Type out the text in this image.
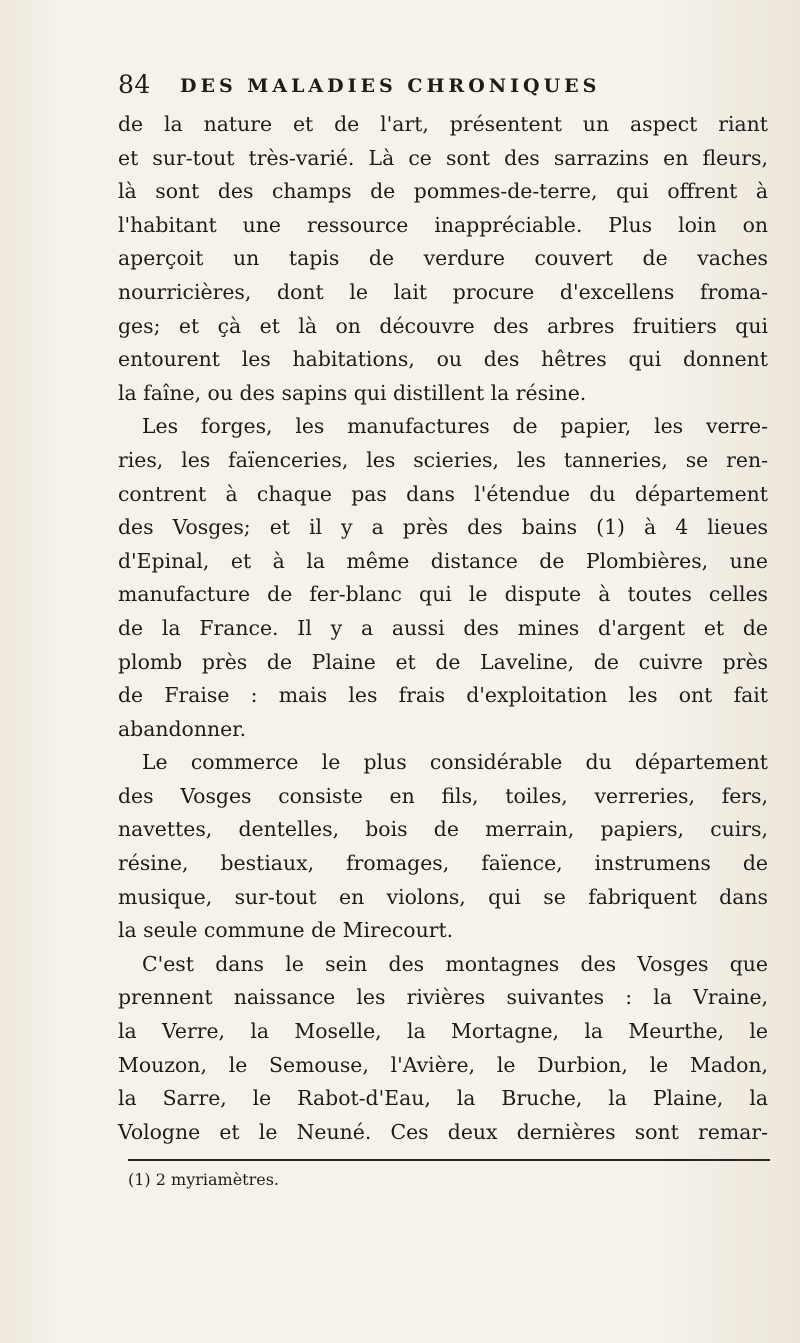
84 DES MALADIES CHRONIQUES
de la nature et de l'art, présentent un aspect riant
et sur-tout très-varié. Là ce sont des sarrazins en fleurs,
là sont des champs de pommes-de-terre, qui offrent à
l'habitant une ressource inappréciable. Plus loin on
aperçoit un tapis de verdure couvert de vaches
nourricières, dont le lait procure d'excellens froma-
ges; et çà et là on découvre des arbres fruitiers qui
entourent les habitations, ou des hêtres qui donnent
la faîne, ou des sapins qui distillent la résine.
Les forges, les manufactures de papier, les verre-
ries, les faïenceries, les scieries, les tanneries, se ren-
contrent à chaque pas dans l'étendue du département
des Vosges; et il y a près des bains (1) à 4 lieues
d'Epinal, et à la même distance de Plombières, une
manufacture de fer-blanc qui le dispute à toutes celles
de la France. Il y a aussi des mines d'argent et de
plomb près de Plaine et de Laveline, de cuivre près
de Fraise : mais les frais d'exploitation les ont fait
abandonner.
Le commerce le plus considérable du département
des Vosges consiste en fils, toiles, verreries, fers,
navettes, dentelles, bois de merrain, papiers, cuirs,
résine, bestiaux, fromages, faïence, instrumens de
musique, sur-tout en violons, qui se fabriquent dans
la seule commune de Mirecourt.
C'est dans le sein des montagnes des Vosges que
prennent naissance les rivières suivantes : la Vraine,
la Verre, la Moselle, la Mortagne, la Meurthe, le
Mouzon, le Semouse, l'Avière, le Durbion, le Madon,
la Sarre, le Rabot-d'Eau, la Bruche, la Plaine, la
Vologne et le Neuné. Ces deux dernières sont remar-
(1) 2 myriamètres.
